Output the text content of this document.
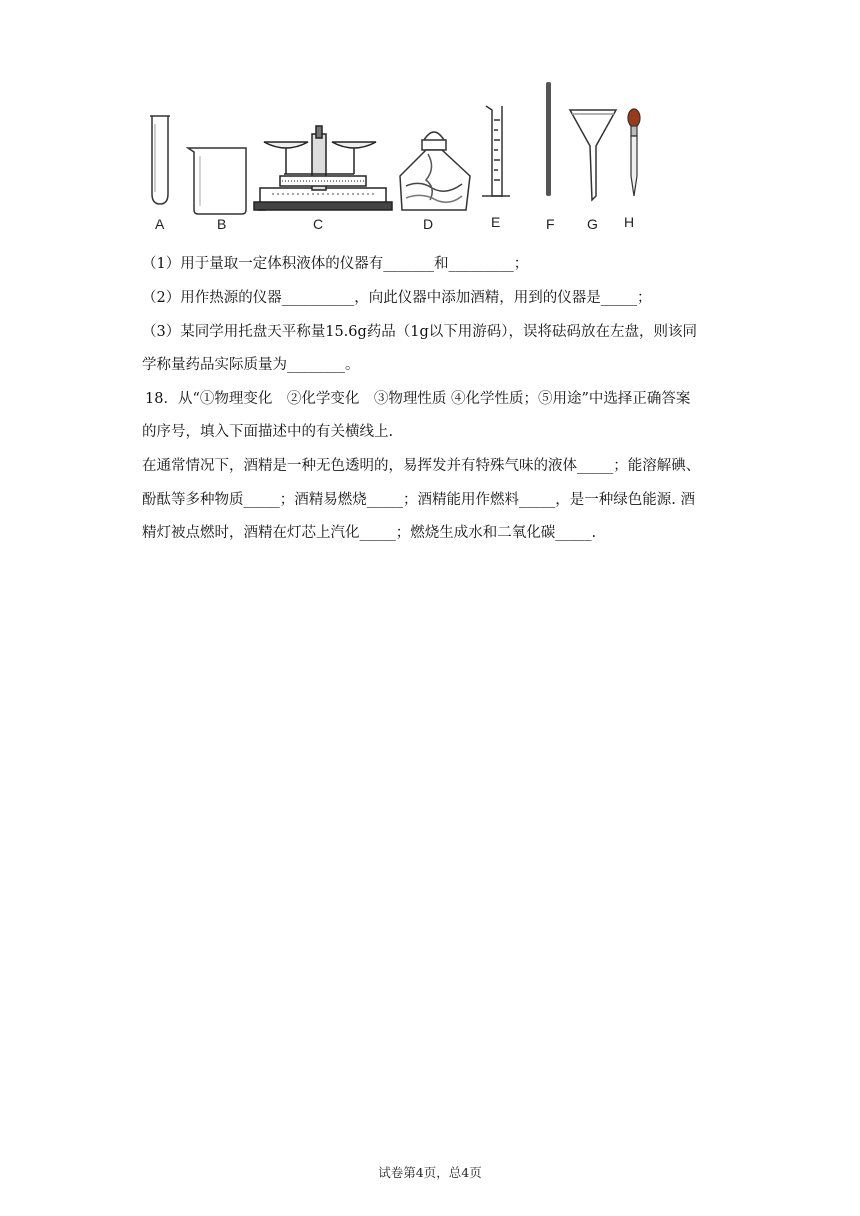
A	B	C	D	E	F G H
（1）用于量取一定体积液体的仪器有_______和_________；
（2）用作热源的仪器__________，向此仪器中添加酒精，用到的仪器是_____；
（3）某同学用托盘天平称量15.6g药品（1g以下用游码），误将砝码放在左盘，则该同
学称量药品实际质量为________。
18．从“①物理变化　②化学变化　③物理性质 ④化学性质；⑤用途”中选择正确答案
的序号，填入下面描述中的有关横线上.
在通常情况下，酒精是一种无色透明的，易挥发并有特殊气味的液体_____；能溶解碘、
酚酞等多种物质_____；酒精易燃烧_____；酒精能用作燃料_____，是一种绿色能源. 酒
精灯被点燃时，酒精在灯芯上汽化_____；燃烧生成水和二氧化碳_____.
试卷第4页，总4页
